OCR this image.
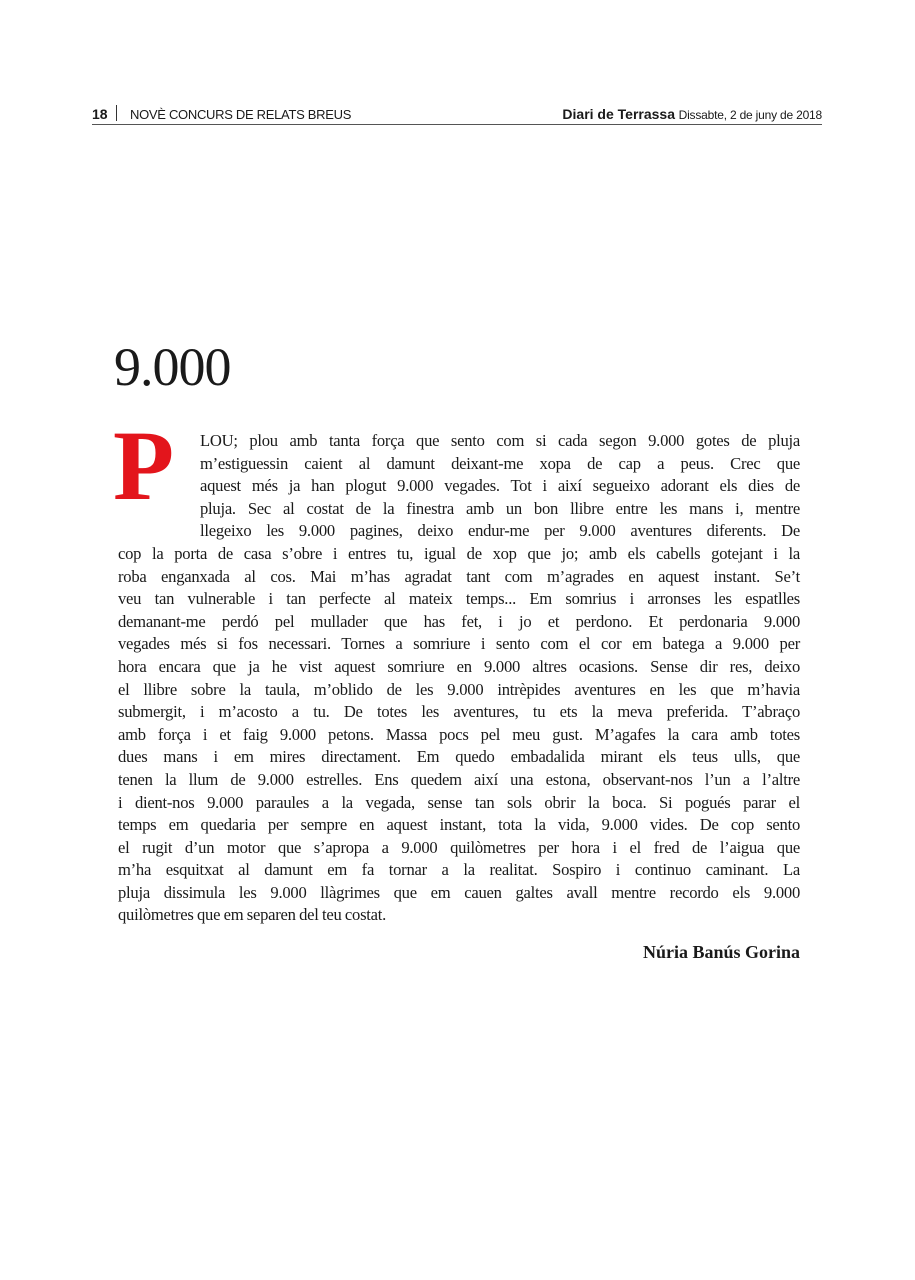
18 NOVÈ CONCURS DE RELATS BREUS	Diari de Terrassa Dissabte, 2 de juny de 2018
9.000
P LOU; plou amb tanta força que sento com si cada segon 9.000 gotes de pluja
m’estiguessin caient al damunt deixant-me xopa de cap a peus. Crec que
aquest més ja han plogut 9.000 vegades. Tot i així segueixo adorant els dies de
pluja. Sec al costat de la finestra amb un bon llibre entre les mans i, mentre
llegeixo les 9.000 pagines, deixo endur-me per 9.000 aventures diferents. De
cop la porta de casa s’obre i entres tu, igual de xop que jo; amb els cabells gotejant i la
roba enganxada al cos. Mai m’has agradat tant com m’agrades en aquest instant. Se’t
veu tan vulnerable i tan perfecte al mateix temps... Em somrius i arronses les espatlles
demanant-me perdó pel mullader que has fet, i jo et perdono. Et perdonaria 9.000
vegades més si fos necessari. Tornes a somriure i sento com el cor em batega a 9.000 per
hora encara que ja he vist aquest somriure en 9.000 altres ocasions. Sense dir res, deixo
el llibre sobre la taula, m’oblido de les 9.000 intrèpides aventures en les que m’havia
submergit, i m’acosto a tu. De totes les aventures, tu ets la meva preferida. T’abraço
amb força i et faig 9.000 petons. Massa pocs pel meu gust. M’agafes la cara amb totes
dues mans i em mires directament. Em quedo embadalida mirant els teus ulls, que
tenen la llum de 9.000 estrelles. Ens quedem així una estona, observant-nos l’un a l’altre
i dient-nos 9.000 paraules a la vegada, sense tan sols obrir la boca. Si pogués parar el
temps em quedaria per sempre en aquest instant, tota la vida, 9.000 vides. De cop sento
el rugit d’un motor que s’apropa a 9.000 quilòmetres per hora i el fred de l’aigua que
m’ha esquitxat al damunt em fa tornar a la realitat. Sospiro i continuo caminant. La
pluja dissimula les 9.000 llàgrimes que em cauen galtes avall mentre recordo els 9.000
quilòmetres que em separen del teu costat.
Núria Banús Gorina
